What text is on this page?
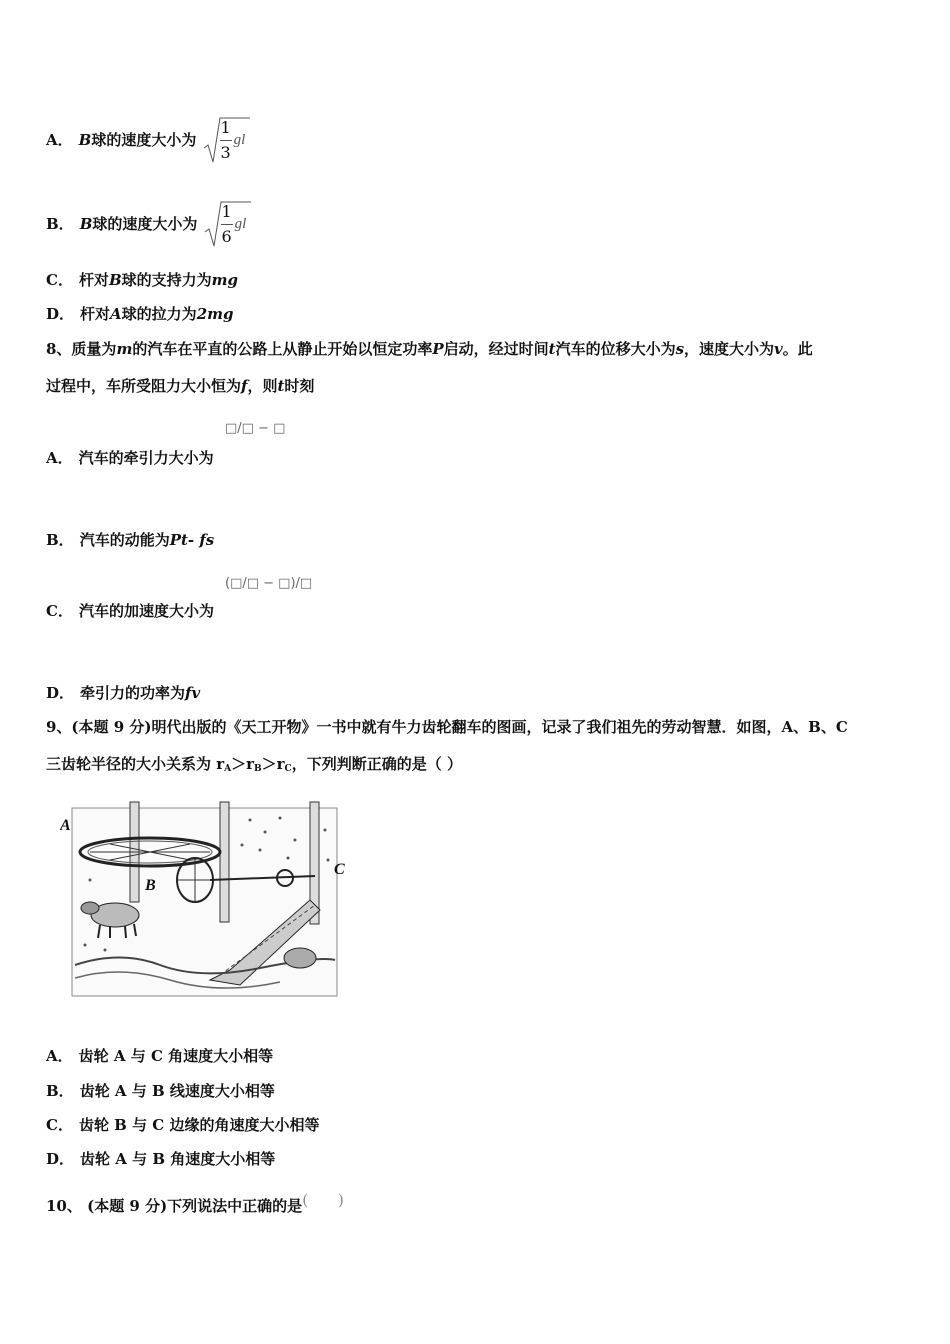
A． B球的速度大小为
1
3
gl
B． B球的速度大小为
1
6
gl
C． 杆对B球的支持力为mg
D． 杆对A球的拉力为2mg
8、质量为m的汽车在平直的公路上从静止开始以恒定功率P启动，经过时间t汽车的位移大小为s，速度大小为v。此
过程中，车所受阻力大小恒为f，则t时刻
A． 汽车的牵引力大小为
□/□ − □
B． 汽车的动能为Pt- fs
C． 汽车的加速度大小为
(□/□ − □)/□
D． 牵引力的功率为fv
9、(本题 9 分)明代出版的《天工开物》一书中就有牛力齿轮翻车的图画，记录了我们祖先的劳动智慧．如图，A、B、C
三齿轮半径的大小关系为 $r_A>r_B>r_C$，下列判断正确的是（ ）
A
B
C
A． 齿轮 A 与 C 角速度大小相等
B． 齿轮 A 与 B 线速度大小相等
C． 齿轮 B 与 C 边缘的角速度大小相等
D． 齿轮 A 与 B 角速度大小相等
10、 (本题 9 分)下列说法中正确的是(　　)
